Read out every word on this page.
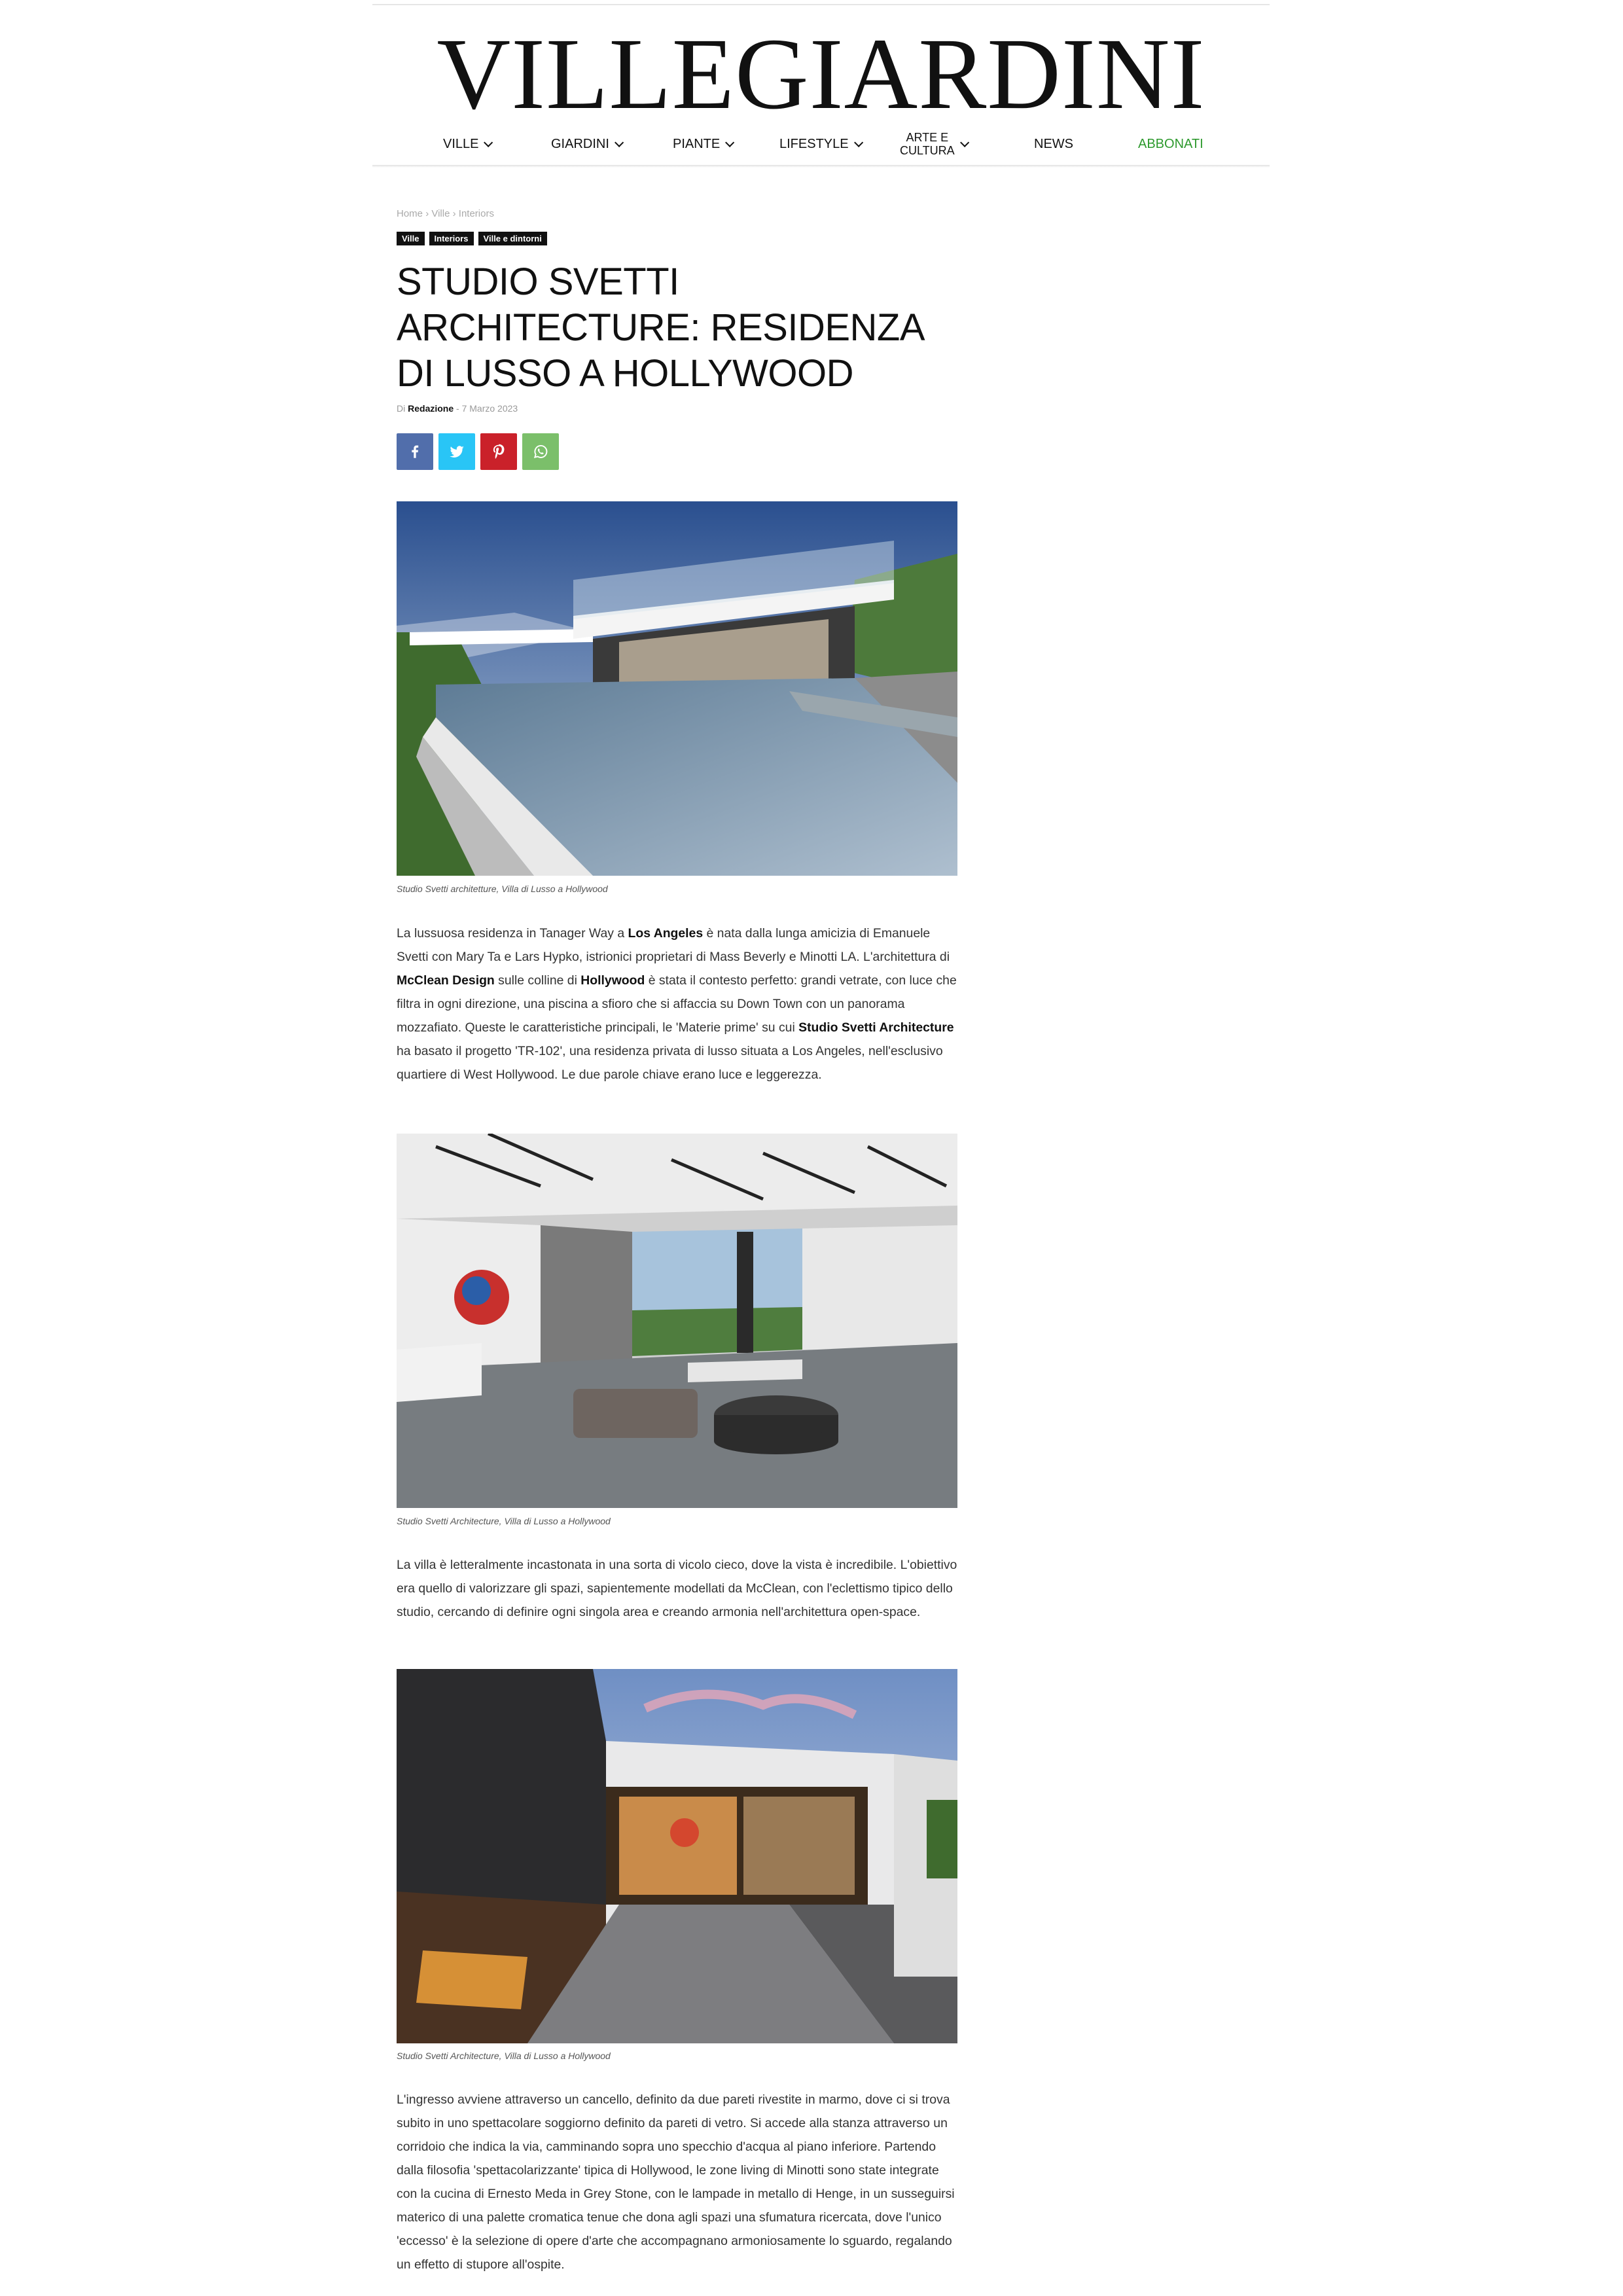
VILLEGIARDINI
VILLE	GIARDINI	PIANTE	LIFESTYLE	ARTE E
CULTURA	NEWS	ABBONATI
Home › Ville › Interiors
Ville	Interiors	Ville e dintorni
STUDIO SVETTI ARCHITECTURE: RESIDENZA DI LUSSO A HOLLYWOOD
Di Redazione - 7 Marzo 2023
Studio Svetti architetture, Villa di Lusso a Hollywood

La lussuosa residenza in Tanager Way a Los Angeles è nata dalla lunga amicizia di Emanuele Svetti con Mary Ta e Lars Hypko, istrionici proprietari di Mass Beverly e Minotti LA. L'architettura di McClean Design sulle colline di Hollywood è stata il contesto perfetto: grandi vetrate, con luce che filtra in ogni direzione, una piscina a sfioro che si affaccia su Down Town con un panorama mozzafiato. Queste le caratteristiche principali, le 'Materie prime' su cui Studio Svetti Architecture ha basato il progetto 'TR-102', una residenza privata di lusso situata a Los Angeles, nell'esclusivo quartiere di West Hollywood. Le due parole chiave erano luce e leggerezza.

Studio Svetti Architecture, Villa di Lusso a Hollywood

La villa è letteralmente incastonata in una sorta di vicolo cieco, dove la vista è incredibile. L'obiettivo era quello di valorizzare gli spazi, sapientemente modellati da McClean, con l'eclettismo tipico dello studio, cercando di definire ogni singola area e creando armonia nell'architettura open-space.

Studio Svetti Architecture, Villa di Lusso a Hollywood

L'ingresso avviene attraverso un cancello, definito da due pareti rivestite in marmo, dove ci si trova subito in uno spettacolare soggiorno definito da pareti di vetro. Si accede alla stanza attraverso un corridoio che indica la via, camminando sopra uno specchio d'acqua al piano inferiore. Partendo dalla filosofia 'spettacolarizzante' tipica di Hollywood, le zone living di Minotti sono state integrate con la cucina di Ernesto Meda in Grey Stone, con le lampade in metallo di Henge, in un susseguirsi materico di una palette cromatica tenue che dona agli spazi una sfumatura ricercata, dove l'unico 'eccesso' è la selezione di opere d'arte che accompagnano armoniosamente lo sguardo, regalando un effetto di stupore all'ospite.
